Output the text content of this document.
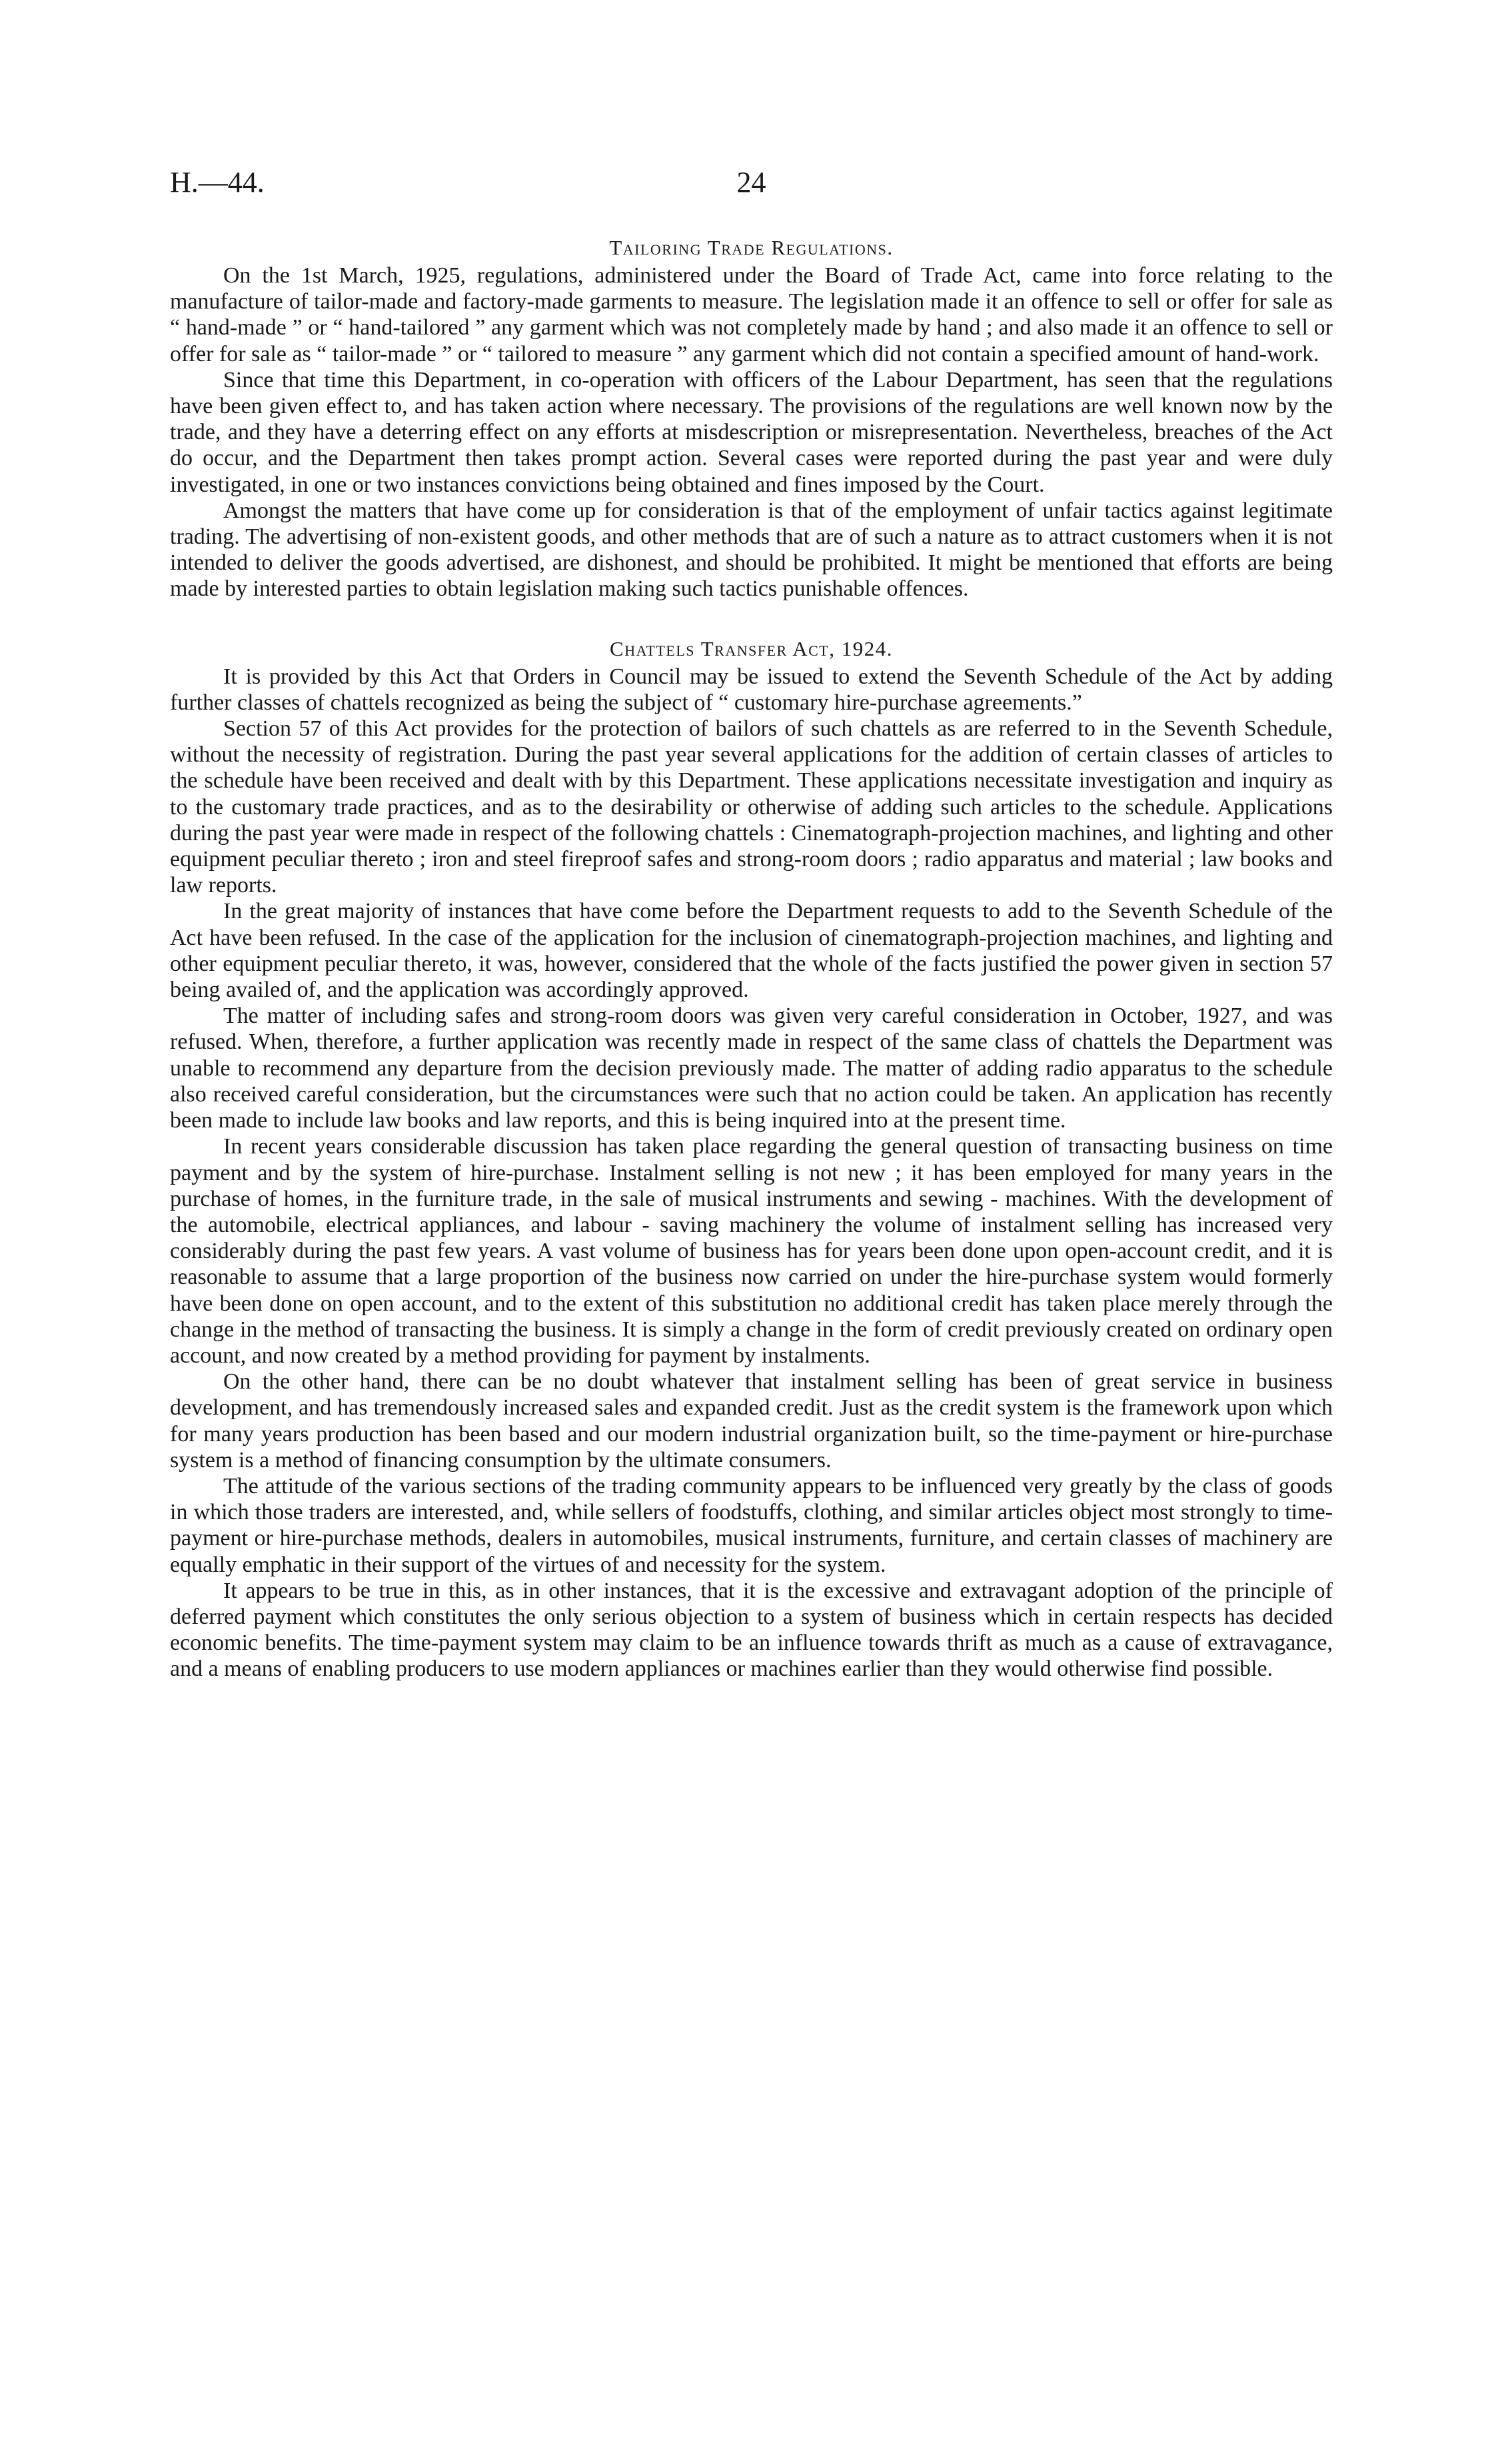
H.—44.	24
Tailoring Trade Regulations.

On the 1st March, 1925, regulations, administered under the Board of Trade Act, came into force relating to the manufacture of tailor-made and factory-made garments to measure. The legislation made it an offence to sell or offer for sale as “ hand-made ” or “ hand-tailored ” any garment which was not completely made by hand ; and also made it an offence to sell or offer for sale as “ tailor-made ” or “ tailored to measure ” any garment which did not contain a specified amount of hand-work.

Since that time this Department, in co-operation with officers of the Labour Department, has seen that the regulations have been given effect to, and has taken action where necessary. The provisions of the regulations are well known now by the trade, and they have a deterring effect on any efforts at misdescription or misrepresentation. Nevertheless, breaches of the Act do occur, and the Department then takes prompt action. Several cases were reported during the past year and were duly investigated, in one or two instances convictions being obtained and fines imposed by the Court.

Amongst the matters that have come up for consideration is that of the employment of unfair tactics against legitimate trading. The advertising of non-existent goods, and other methods that are of such a nature as to attract customers when it is not intended to deliver the goods advertised, are dishonest, and should be prohibited. It might be mentioned that efforts are being made by interested parties to obtain legislation making such tactics punishable offences.

Chattels Transfer Act, 1924.

It is provided by this Act that Orders in Council may be issued to extend the Seventh Schedule of the Act by adding further classes of chattels recognized as being the subject of “ customary hire-purchase agreements.”

Section 57 of this Act provides for the protection of bailors of such chattels as are referred to in the Seventh Schedule, without the necessity of registration. During the past year several applications for the addition of certain classes of articles to the schedule have been received and dealt with by this Department. These applications necessitate investigation and inquiry as to the customary trade practices, and as to the desirability or otherwise of adding such articles to the schedule. Applications during the past year were made in respect of the following chattels : Cinematograph-projection machines, and lighting and other equipment peculiar thereto ; iron and steel fireproof safes and strong-room doors ; radio apparatus and material ; law books and law reports.

In the great majority of instances that have come before the Department requests to add to the Seventh Schedule of the Act have been refused. In the case of the application for the inclusion of cinematograph-projection machines, and lighting and other equipment peculiar thereto, it was, however, considered that the whole of the facts justified the power given in section 57 being availed of, and the application was accordingly approved.

The matter of including safes and strong-room doors was given very careful consideration in October, 1927, and was refused. When, therefore, a further application was recently made in respect of the same class of chattels the Department was unable to recommend any departure from the decision previously made. The matter of adding radio apparatus to the schedule also received careful consideration, but the circumstances were such that no action could be taken. An application has recently been made to include law books and law reports, and this is being inquired into at the present time.

In recent years considerable discussion has taken place regarding the general question of transacting business on time payment and by the system of hire-purchase. Instalment selling is not new ; it has been employed for many years in the purchase of homes, in the furniture trade, in the sale of musical instruments and sewing - machines. With the development of the automobile, electrical appliances, and labour - saving machinery the volume of instalment selling has increased very considerably during the past few years. A vast volume of business has for years been done upon open-account credit, and it is reasonable to assume that a large proportion of the business now carried on under the hire-purchase system would formerly have been done on open account, and to the extent of this substitution no additional credit has taken place merely through the change in the method of transacting the business. It is simply a change in the form of credit previously created on ordinary open account, and now created by a method providing for payment by instalments.

On the other hand, there can be no doubt whatever that instalment selling has been of great service in business development, and has tremendously increased sales and expanded credit. Just as the credit system is the framework upon which for many years production has been based and our modern industrial organization built, so the time-payment or hire-purchase system is a method of financing consumption by the ultimate consumers.

The attitude of the various sections of the trading community appears to be influenced very greatly by the class of goods in which those traders are interested, and, while sellers of foodstuffs, clothing, and similar articles object most strongly to time-payment or hire-purchase methods, dealers in automobiles, musical instruments, furniture, and certain classes of machinery are equally emphatic in their support of the virtues of and necessity for the system.

It appears to be true in this, as in other instances, that it is the excessive and extravagant adoption of the principle of deferred payment which constitutes the only serious objection to a system of business which in certain respects has decided economic benefits. The time-payment system may claim to be an influence towards thrift as much as a cause of extravagance, and a means of enabling producers to use modern appliances or machines earlier than they would otherwise find possible.
